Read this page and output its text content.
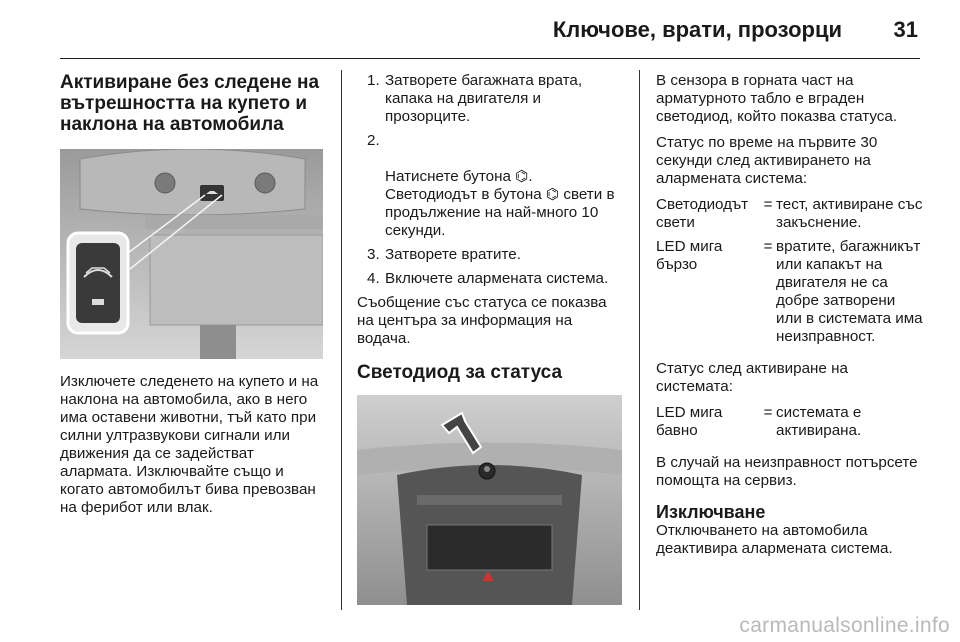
Ключове, врати, прозорци 31
Активиране без следене на вътрешността на купето и наклона на автомобила

Изключете следенето на купето и на наклона на автомобила, ако в него има оставени животни, тъй като при силни ултразвукови сигнали или движения да се задействат алармата. Изключвайте също и когато автомобилът бива превозван на ферибот или влак.

1. Затворете багажната врата, капака на двигателя и прозорците.

2.

Натиснете бутона ⌬.
Светодиодът в бутона ⌬ свети в продължение на най-много 10 секунди.

3. Затворете вратите.
4. Включете алармената система.

Съобщение със статуса се показва на центъра за информация на водача.

Светодиод за статуса

В сензора в горната част на арматурното табло е вграден светодиод, който показва статуса.

Статус по време на първите 30 секунди след активирането на алармената система:

Светодиодът свети
= тест, активиране със закъснение.
LED мига бързо
= вратите, багажникът или капакът на двигателя не са добре затворени или в системата има неизправност.

Статус след активиране на системата:

LED мига бавно
= системата е активирана.

В случай на неизправност потърсете помощта на сервиз.

Изключване

Отключването на автомобила деактивира алармената система.

carmanualsonline.info
